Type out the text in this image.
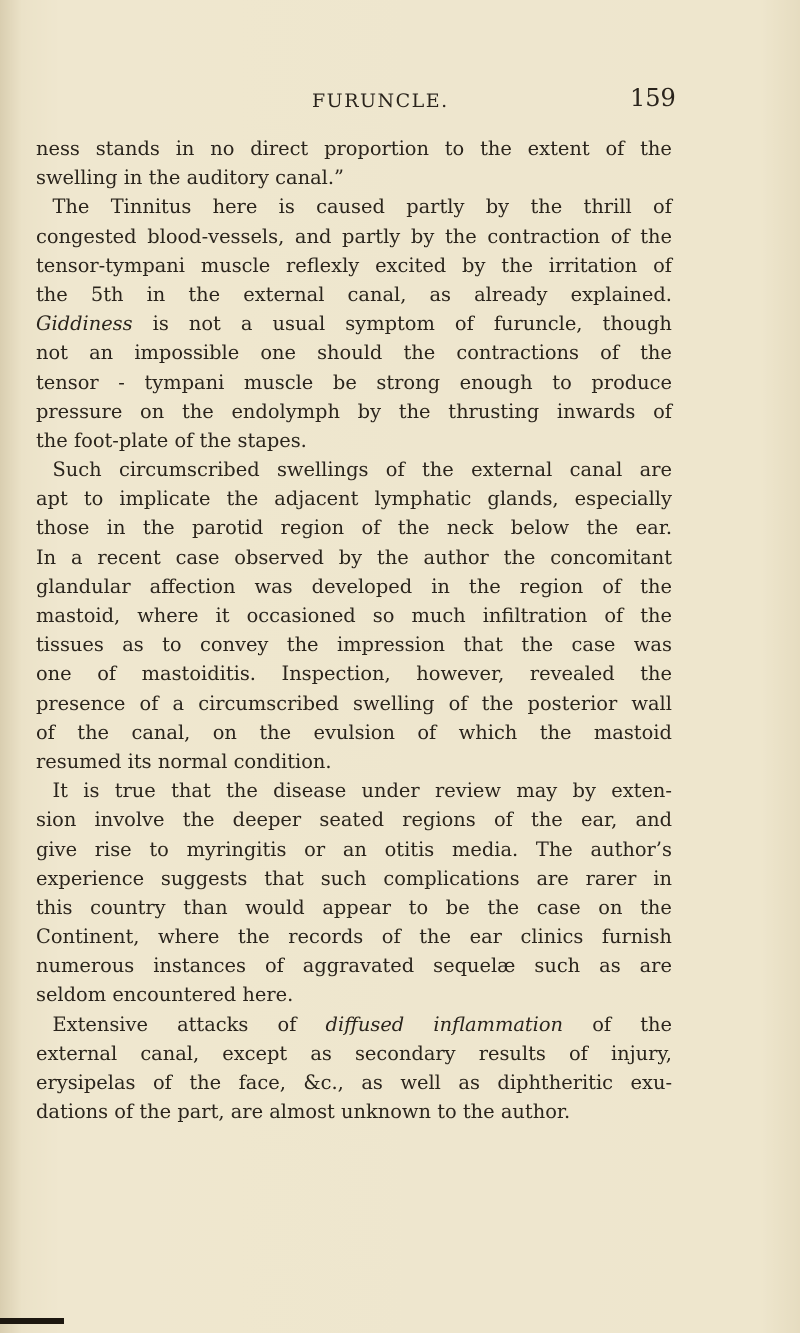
FURUNCLE.	159
ness stands in no direct proportion to the extent of the
swelling in the auditory canal.”
The Tinnitus here is caused partly by the thrill of
congested blood-vessels, and partly by the contraction of the
tensor-tympani muscle reflexly excited by the irritation of
the 5th in the external canal, as already explained.
Giddiness is not a usual symptom of furuncle, though
not an impossible one should the contractions of the
tensor - tympani muscle be strong enough to produce
pressure on the endolymph by the thrusting inwards of
the foot-plate of the stapes.
Such circumscribed swellings of the external canal are
apt to implicate the adjacent lymphatic glands, especially
those in the parotid region of the neck below the ear.
In a recent case observed by the author the concomitant
glandular affection was developed in the region of the
mastoid, where it occasioned so much infiltration of the
tissues as to convey the impression that the case was
one of mastoiditis. Inspection, however, revealed the
presence of a circumscribed swelling of the posterior wall
of the canal, on the evulsion of which the mastoid
resumed its normal condition.
It is true that the disease under review may by exten-
sion involve the deeper seated regions of the ear, and
give rise to myringitis or an otitis media. The author’s
experience suggests that such complications are rarer in
this country than would appear to be the case on the
Continent, where the records of the ear clinics furnish
numerous instances of aggravated sequelæ such as are
seldom encountered here.
Extensive attacks of diffused inflammation of the
external canal, except as secondary results of injury,
erysipelas of the face, &c., as well as diphtheritic exu-
dations of the part, are almost unknown to the author.
